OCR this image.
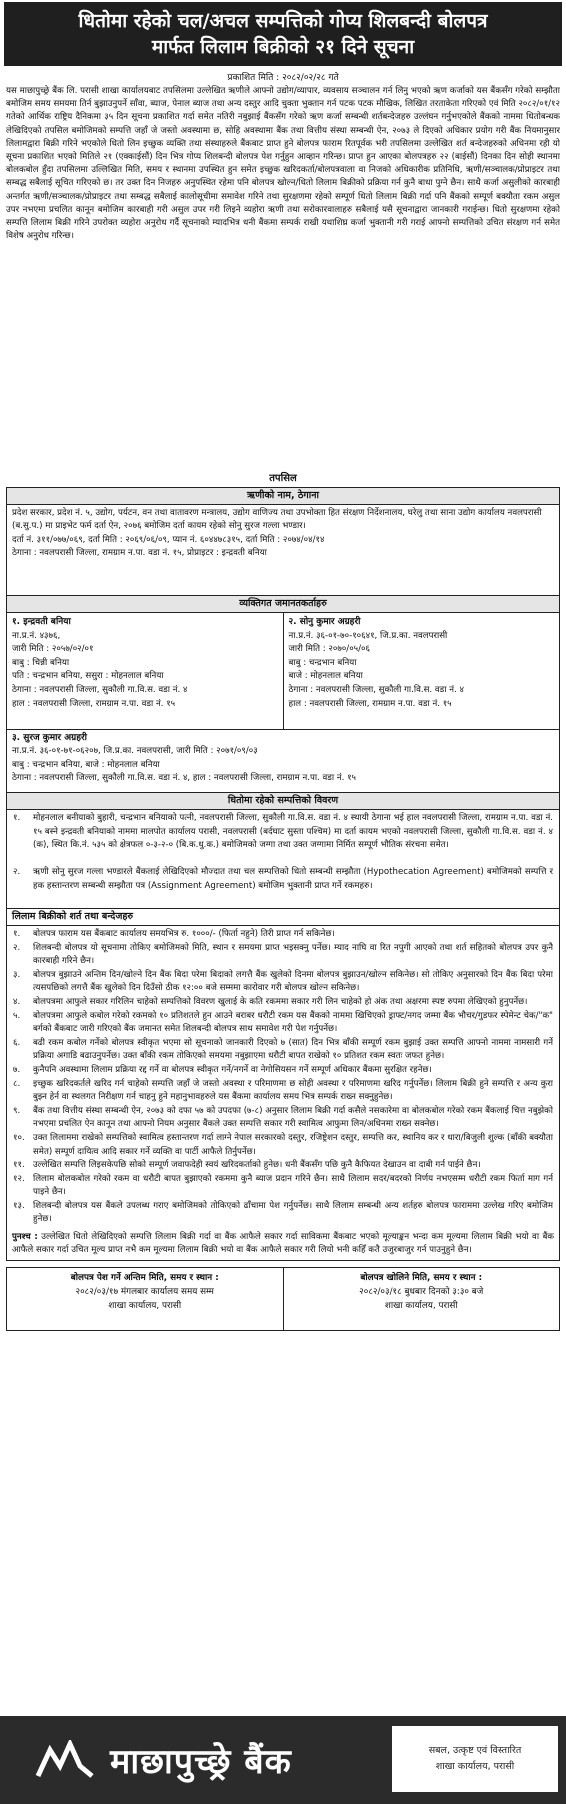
धितोमा रहेको चल/अचल सम्पत्तिको गोप्य शिलबन्दी बोलपत्र
मार्फत लिलाम बिक्रीको २१ दिने सूचना
प्रकाशित मिति : २०८२/०२/२८ गते
यस माछापुच्छ्रे बैंक लि. परासी शाखा कार्यालयबाट तपसिलमा उल्लेखित ऋणीले आफ्नो उद्योग/व्यापार, व्यवसाय सञ्चालन गर्न लिनु भएको ऋण कर्जाको यस बैंकसँग गरेको सम्झौता बमोजिम समय समयमा तिर्न बुझाउनुपर्ने साँवा, ब्याज, पेनाल ब्याज तथा अन्य दस्तुर आदि चुक्ता भुक्तान गर्न पटक पटक मौखिक, लिखित तरताकेता गरिएको एवं मिति २०८२/०१/१२ गतेको आर्थिक राष्ट्रिय दैनिकमा ३५ दिन सूचना प्रकाशित गर्दा समेत नतिरी नबुझाई बैंकसँग गरेको ऋण कर्जा सम्बन्धी शर्तबन्देजहरु उल्लंघन गर्नुभएकोले बैंकको नाममा धितोबन्धक लेखिदिएको तपसिल बमोजिमको सम्पत्ति जहाँ जे जस्तो अवस्थामा छ, सोहि अवस्थामा बैंक तथा वित्तीय संस्था सम्बन्धी ऐन, २०७३ ले दिएको अधिकार प्रयोग गरी बैंक नियमानुसार लिलामद्वारा बिक्री गरिने भएकोले धितो लिन इच्छुक व्यक्ति तथा संस्थाहरुले बैंकबाट प्राप्त हुने बोलपत्र फाराम रितपूर्वक भरी तपसिलमा उल्लेखित शर्त बन्देजहरुको अधिनमा रही यो सूचना प्रकाशित भएको मितिले २१ (एक्काईसौं) दिन भित्र गोप्य शिलबन्दी बोलपत्र पेश गर्नुहुन आव्हान गरिन्छ। प्राप्त हुन आएका बोलपत्रहरु २२ (बाईसौं) दिनका दिन सोही स्थानमा बोलकबोल हुँदा तपसिलमा उल्लिखित मिति, समय र स्थानमा उपस्थित हुन समेत इच्छुक खरिदकर्ता/बोलपत्रवाला वा निजको अधिकारीक प्रतिनिधि, ऋणी/सञ्चालक/प्रोप्राइटर तथा सम्बद्ध सबैलाई सूचित गरिएको छ। तर उक्त दिन निजहरु अनुपस्थित रहेमा पनि बोलपत्र खोल्न/धितो लिलाम बिक्रीको प्रक्रिया गर्न कुनै बाधा पुग्ने छैन। साथै कर्जा असुलीको कारबाही अन्तर्गत ऋणी/सञ्चालक/प्रोप्राइटर तथा सम्बद्ध सबैलाई कालोसूचीमा समावेश गरिने तथा सुरक्षणमा रहेको सम्पूर्ण धितो लिलाम बिक्री गर्दा पनि बैंकको सम्पूर्ण बक्यौता रकम असुल उपर नभएमा प्रचलित कानून बमोजिम कारबाही गरी असुल उपर गरी लिइने व्यहोरा ऋणी तथा सरोकारवालाहरु सबैलाई यसै सूचनाद्वारा जानकारी गराईन्छ। धितो सुरक्षणमा रहेको सम्पत्ति लिलाम बिक्री गरिने उपरोक्त व्यहोरा अनुरोध गर्दै सूचनाको म्यादभित्र धनी बैंकमा सम्पर्क राखी यथाशिघ्र कर्जा भुक्तानी गरी गराई आफ्नो सम्पत्तिको उचित संरक्षण गर्न समेत विशेष अनुरोध गरिन्छ।
तपसिल
ऋणीको नाम, ठेगाना

प्रदेश सरकार, प्रदेश नं. ५, उद्योग, पर्यटन, वन तथा वातावरण मन्त्रालय, उद्योग वाणिज्य तथा उपभोक्ता हित संरक्षण निर्देशनालय, घरेलु तथा साना उद्योग कार्यालय नवलपरासी (ब.सु.प.) मा प्राइभेट फर्म दर्ता ऐन, २०७६ बमोजिम दर्ता कायम रहेको सोनु सुरज गल्ला भण्डार।

दर्ता नं. ३११/०७७/०६९, दर्ता मिति : २०६९/०६/०९, प्यान नं. ६०४४७८३१५, दर्ता मिति : २०७४/०४/१४

ठेगाना : नवलपरासी जिल्ला, रामग्राम न.पा. वडा नं. १५, प्रोप्राइटर : इन्द्रवती बनिया

व्यक्तिगत जमानतकर्ताहरु
१. इन्द्रवती बनिया
ना.प्र.नं. ४३७६,
जारी मिति : २०५७/०२/०१
बाबु : चिन्नी बनिया
पति : चन्द्रभान बनिया, ससुरा : मोहनलाल बनिया
ठेगाना : नवलपरासी जिल्ला, सुकौली गा.वि.स. वडा नं. ४
हाल : नवलपरासी जिल्ला, रामग्राम न.पा. वडा नं. १५
२. सोनु कुमार अग्रहरी
ना.प्र.नं. ३६-०१-७०-१०६४१, जि.प्र.का. नवलपरासी
जारी मिति : २०७०/०५/०६
बाबु : चन्द्रभान बनिया
बाजे : मोहनलाल बनिया
ठेगाना : नवलपरासी जिल्ला, सुकौली गा.वि.स. वडा नं. ४
हाल : नवलपरासी जिल्ला, रामग्राम न.पा. वडा नं. १५
३. सुरज कुमार अग्रहरी
ना.प्र.नं. ३६-०१-७१-०६२०७, जि.प्र.का. नवलपरासी, जारी मिति : २०७१/०९/०३
बाबु : चन्द्रभान बनिया, बाजे : मोहनलाल बनिया
ठेगाना : नवलपरासी जिल्ला, सुकौली गा.वि.स. वडा नं. ४, हाल : नवलपरासी जिल्ला, रामग्राम न.पा. वडा नं. १५
धितोमा रहेको सम्पत्तिको विवरण
१.	मोहनलाल बनीयाको बुहारी, चन्द्रभान बनियाको पत्नी, नवलपरासी जिल्ला, सुकौली गा.वि.स. वडा नं. ४ स्थायी ठेगाना भई हाल नवलपरासी जिल्ला, रामग्राम न.पा. वडा नं. १५ बस्ने इन्द्रवती बनियाको नाममा मालपोत कार्यालय परासी, नवलपरासी (बर्दघाट सुस्ता पश्चिम) मा दर्ता कायम भएको नवलपरासी जिल्ला, सुकौली गा.वि.स. वडा नं. ४ (क), स्थित कि.नं. ५३५ को क्षेत्रफल ०-३-२-० (बि.क.धु.क.) बमोजिमको जग्गा तथा उक्त जग्गामा निर्मित सम्पूर्ण भौतिक संरचना समेत।
२.	ऋणी सोनु सुरज गल्ला भण्डारले बैंकलाई लेखिदिएको मौज्दात तथा चल सम्पत्तिको धितो सम्बन्धी सम्झौता (Hypothecation Agreement) बमोजिमको सम्पत्ति र हक हस्तान्तरण सम्बन्धी सम्झौता पत्र (Assignment Agreement) बमोजिम भुक्तानी प्राप्त गर्ने रकमहरु।
लिलाम बिक्रीको शर्त तथा बन्देजहरु
१.	बोलपत्र फाराम यस बैंकबाट कार्यालय समयभित्र रु. १०००/- (फिर्ता नहुने) तिरी प्राप्त गर्न सकिनेछ।
२.	शिलबन्दी बोलपत्र यो सूचनामा तोकिए बमोजिमको मिति, स्थान र समयमा प्राप्त भइसक्नु पर्नेछ। म्याद नाघि वा रित नपुगी आएको तथा शर्त सहितको बोलपत्र उपर कुनै कारबाही गरिने छैन।
३.	बोलपत्र बुझाउने अन्तिम दिन/खोल्ने दिन बैंक बिदा परेमा बिदाको लगत्तै बैंक खुलेको दिनमा बोलपत्र बुझाउन/खोल्न सकिनेछ। सो तोकिए अनुसारको दिन बैंक बिदा परेमा त्यसपछिको लगत्तै बैंक खुलेको दिन दिउँसो ठीक १२:०० बजे सम्ममा कारोवार गरी बोलपत्र खोल्न सकिनेछ।
४.	बोलपत्रमा आफुले सकार गरिलिन चाहेको सम्पत्तिको विवरण खुलाई के कति रकममा सकार गरी लिन चाहेको हो अंक तथा अक्षरमा स्पष्ट रुपमा लेखिएको हुनुपर्नेछ।
५.	बोलपत्रमा आफुले कबोल गरेको रकमको १० प्रतिशतले हुन आउने बराबर धरौटी रकम यस बैंकको नाममा खिचिएको ड्राफ्ट/नगद जम्मा बैंक भौचर/गुडफर स्पेमेन्ट चेक/"क" बर्गको बैंकबाट जारी गरिएको बैंक जमानत समेत शिलबन्दी बोलपत्र साथ समावेश गरी पेश गर्नुपर्नेछ।
६.	बढी रकम कबोल गर्नेको बोलपत्र स्वीकृत भएमा सो सूचनाको जानकारी दिएको ७ (सात) दिन भित्र बाँकी सम्पूर्ण रकम बुझाई उक्त सम्पत्ति आफ्नो नाममा नामसारी गर्ने प्रक्रिया अगाडि बढाउनुपर्नेछ। उक्त बाँकी रकम तोकिएको समयमा नबुझाएमा धरौटी बापत राखेको १० प्रतिशत रकम स्वतः जफत हुनेछ।
७.	कुनैपनि अवस्थामा लिलाम प्रक्रिया रद्द गर्ने वा बोलपत्र स्वीकृत गर्ने/नगर्ने वा नेगोसियसन गर्ने सम्पूर्ण अधिकार बैंकमा सुरक्षित रहनेछ।
८.	इच्छुक खरिदकर्तले खरिद गर्न चाहेको सम्पत्ति जहाँ जे जस्तो अवस्था र परिमाणमा छ सोही अवस्था र परिमाणमा खरिद गर्नुपर्नेछ। लिलाम बिक्री हुने सम्पत्ति र अन्य कुरा बुझ्न हेर्न वा स्थलगत निरीक्षण गर्न चाहनु हुने महानुभावहरुले यस बैंकमा कार्यालय समय भित्र सम्पर्क राख्न सक्नुहुनेछ।
९.	बैंक तथा वित्तीय संस्था सम्बन्धी ऐन, २०७३ को दफा ५७ को उपदफा (७-८) अनुसार लिलाम बिक्री गर्दा कसैले नसकारेमा वा बोलकबोल गरेको रकम बैंकलाई चित्त नबुझेको नभएमा प्रचलित ऐन कानून तथा आफ्नो नियम अनुसार बैंकले उक्त सम्पत्ति सकार गरी स्वामित्व आफुमा लिन/अधिनमा राख्न सक्नेछ।
१०. उक्त लिलाममा राखेको सम्पत्तिको स्वामित्व हस्तान्तरण गर्दा लाग्ने नेपाल सरकारको दस्तुर, रजिष्ट्रेशन दस्तुर, सम्पत्ति कर, स्थानिय कर र धारा/बिजुली शुल्क (बाँकी बक्यौता समेत) सम्पूर्ण दायित्व आदि सकार गर्ने व्यक्ति वा पार्टी आफैले तिर्नुपर्नेछ।
११. उल्लेखित सम्पत्ति लिइसकेपछि सोको सम्पूर्ण जवाफदेही स्वयं खरिदकर्ताको हुनेछ। धनी बैंकसँग पछि कुनै कैफियत देखाउन वा दाबी गर्न पाईने छैन।
१२. लिलाम बोलकबोल गरेको रकम वा धरौटी बापत बुझाएको रकममा कुनै ब्याज प्रदान गरिने छैन। साथै लिलाम सदर/बदरको निर्णय नभएसम्म धरौटी रकम फिर्ता माग गर्न पाइने छैन।
१३. शिलबन्दी बोलपत्र यस बैंकले उपलब्ध गराए बमोजिमको तोकिएको ढाँचामा पेश गर्नुपर्नेछ। साथै लिलाम सम्बन्धी अन्य शर्तहरु बोलपत्र फाराममा उल्लेख गरिए बमोजिम हुनेछ।
पुनश्च : उल्लेखित धितो लेखिदिएको सम्पत्ति लिलाम बिक्री गर्दा वा बैंक आफैले सकार गर्दा साविकमा बैंकबाट भएको मूल्याङ्कन भन्दा कम मूल्यमा लिलाम बिक्री भयो वा बैंक आफैले सकार गर्दा उचित मूल्य प्राप्त नभै कम मूल्यमा लिलाम बिक्री भयो वा बैंक आफैले सकार गरी लियो भनी कहिँ कतै उजुरबाजुर गर्न पाउनुहुने छैन।
बोलपत्र पेश गर्ने अन्तिम मिति, समय र स्थान :
२०८२/०३/१७ मंगलबार कार्यालय समय सम्म
शाखा कार्यालय, परासी
बोलपत्र खोलिने मिति, समय र स्थान :
२०८२/०३/१८ बुधबार दिनको ३:३० बजे
शाखा कार्यालय, परासी
माछापुच्छ्रे बैंक	सबल, उत्कृष्ट एवं विस्तारित
शाखा कार्यालय, परासी
